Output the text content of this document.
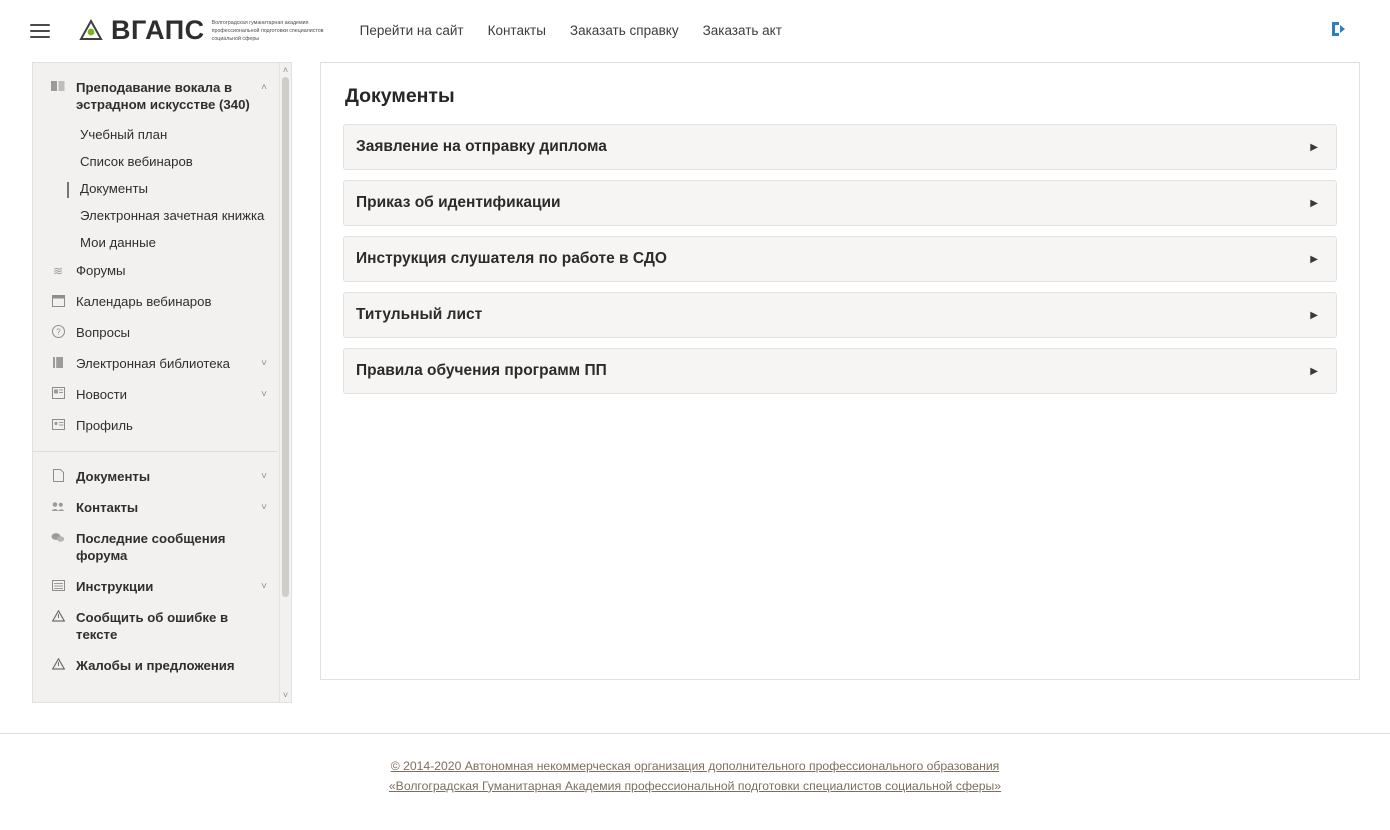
ВГАПС Волгоградская гуманитарная академия профессиональной подготовки специалистов социальной сферы
Перейти на сайт Контакты Заказать справку Заказать акт
˄
˅
Преподавание вокала в эстрадном искусстве (340)
˄
Учебный план
Список вебинаров
Документы
Электронная зачетная книжка
Мои данные
≋ Форумы
Календарь вебинаров
? Вопросы
Электронная библиотека	˅
Новости	˅
Профиль
Документы	˅
Контакты	˅
Последние сообщения форума
Инструкции	˅
Сообщить об ошибке в тексте
Жалобы и предложения
Документы
Заявление на отправку диплома	▶
Приказ об идентификации	▶
Инструкция слушателя по работе в СДО	▶
Титульный лист	▶
Правила обучения программ ПП	▶
© 2014-2020 Автономная некоммерческая организация дополнительного профессионального образования
«Волгоградская Гуманитарная Академия профессиональной подготовки специалистов социальной сферы»
